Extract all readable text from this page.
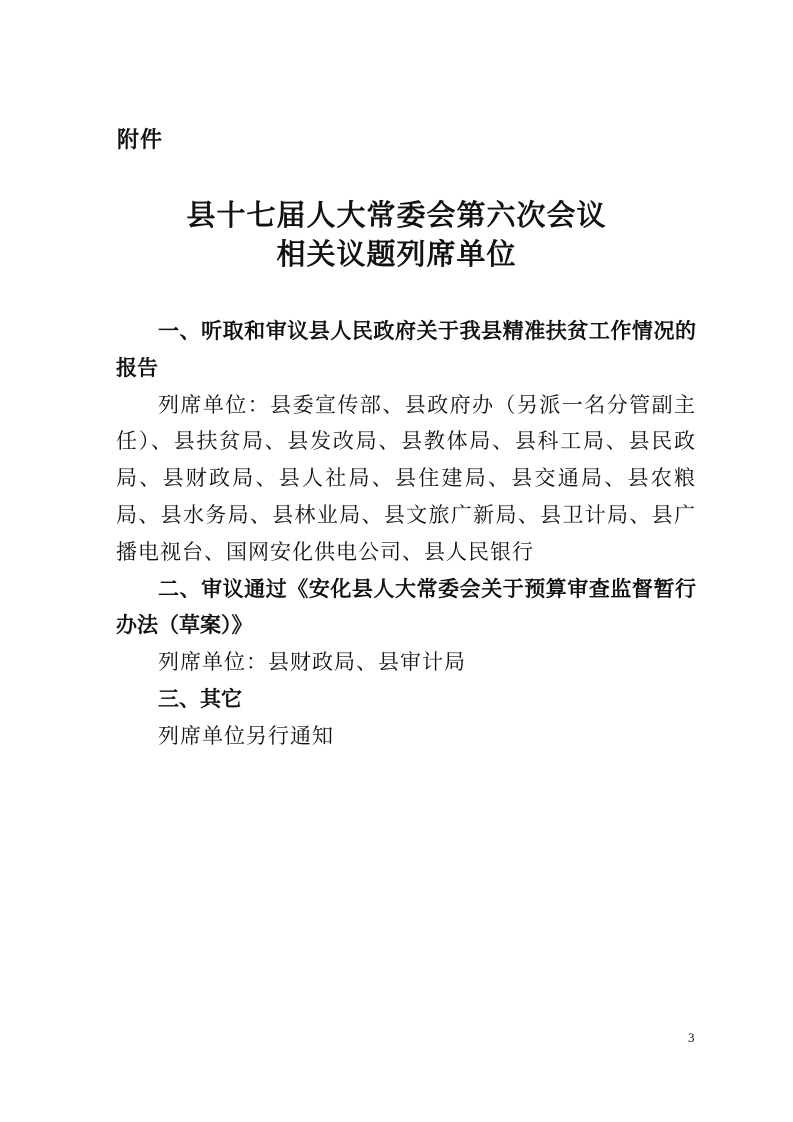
附件
县十七届人大常委会第六次会议
相关议题列席单位

一、听取和审议县人民政府关于我县精准扶贫工作情况的报告

列席单位：县委宣传部、县政府办（另派一名分管副主任）、县扶贫局、县发改局、县教体局、县科工局、县民政局、县财政局、县人社局、县住建局、县交通局、县农粮局、县水务局、县林业局、县文旅广新局、县卫计局、县广播电视台、国网安化供电公司、县人民银行

二、审议通过《安化县人大常委会关于预算审查监督暂行办法（草案）》

列席单位：县财政局、县审计局

三、其它

列席单位另行通知

3
